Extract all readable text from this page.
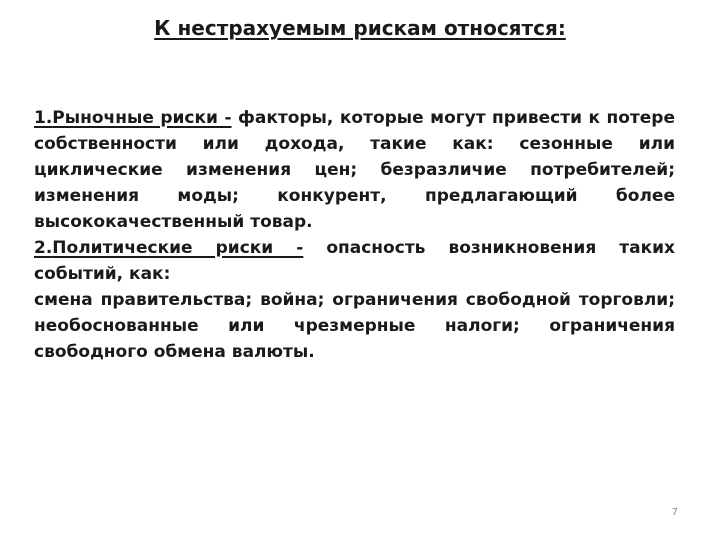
К нестрахуемым рискам относятся:

1.Рыночные риски - факторы, которые могут привести к потере собственности или дохода, такие как: сезонные или циклические изменения цен; безразличие потребителей; изменения моды; конкурент, предлагающий более высококачественный товар.

2.Политические риски - опасность возникновения таких событий, как:

смена правительства; война; ограничения свободной торговли; необоснованные или чрезмерные налоги; ограничения свободного обмена валюты.

7
